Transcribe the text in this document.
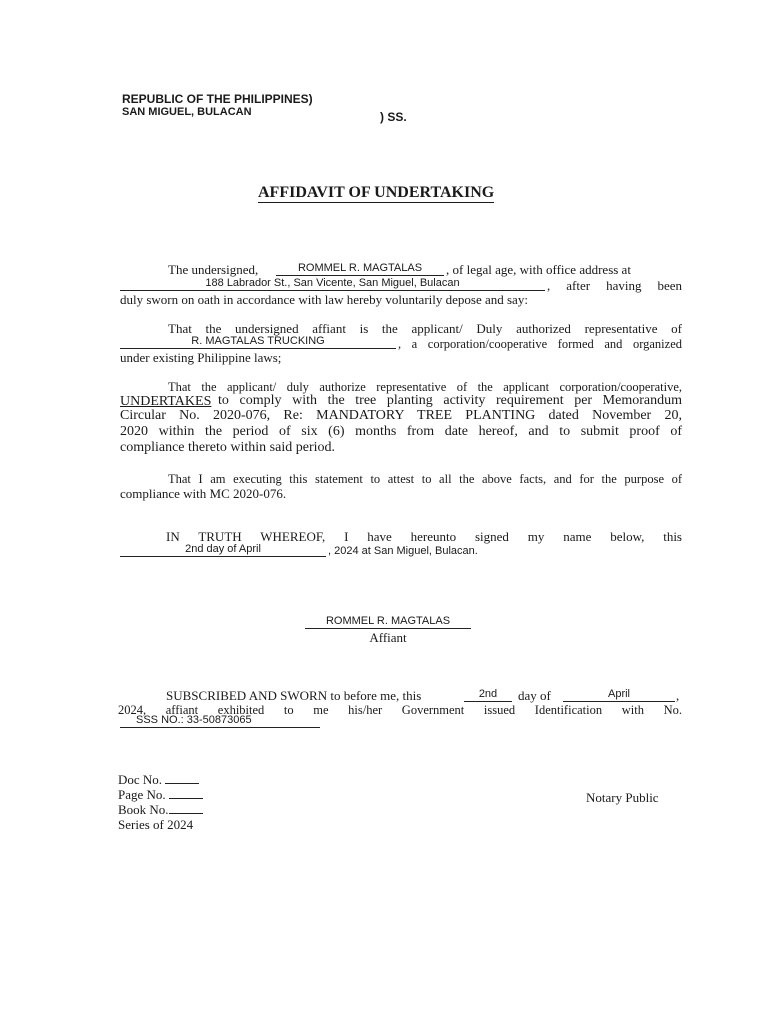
REPUBLIC OF THE PHILIPPINES)
SAN MIGUEL, BULACAN	) SS.
AFFIDAVIT OF UNDERTAKING
The undersigned,	ROMMEL R. MAGTALAS	, of legal age, with office address at
188 Labrador St., San Vicente, San Miguel, Bulacan	, after having been
duly sworn on oath in accordance with law hereby voluntarily depose and say:
That the undersigned affiant is the applicant/ Duly authorized representative of
R. MAGTALAS TRUCKING	, a corporation/cooperative formed and organized
under existing Philippine laws;
That the applicant/ duly authorize representative of the applicant corporation/cooperative,
UNDERTAKES to comply with the tree planting activity requirement per Memorandum
Circular No. 2020-076, Re: MANDATORY TREE PLANTING dated November 20,
2020 within the period of six (6) months from date hereof, and to submit proof of
compliance thereto within said period.
That I am executing this statement to attest to all the above facts, and for the purpose of
compliance with MC 2020-076.
IN TRUTH WHEREOF, I have hereunto signed my name below, this
2nd day of April	, 2024 at San Miguel, Bulacan.
ROMMEL R. MAGTALAS
Affiant
SUBSCRIBED AND SWORN to before me, this	2nd	day of	April	,
2024, affiant exhibited to me his/her Government issued Identification with No.
SSS NO.: 33-50873065
Doc No.
Page No.
Book No.
Series of 2024
Notary Public
